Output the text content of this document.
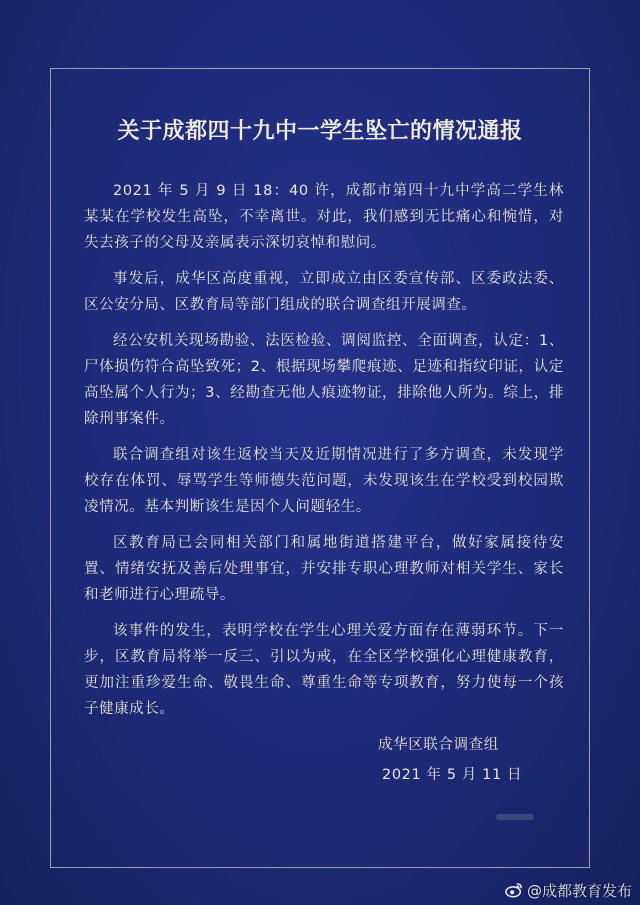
关于成都四十九中一学生坠亡的情况通报

2021 年 5 月 9 日 18：40 许，成都市第四十九中学高二学生林某某在学校发生高坠，不幸离世。对此，我们感到无比痛心和惋惜，对失去孩子的父母及亲属表示深切哀悼和慰问。

事发后，成华区高度重视，立即成立由区委宣传部、区委政法委、区公安分局、区教育局等部门组成的联合调查组开展调查。

经公安机关现场勘验、法医检验、调阅监控、全面调查，认定：1、尸体损伤符合高坠致死；2、根据现场攀爬痕迹、足迹和指纹印证，认定高坠属个人行为；3、经勘查无他人痕迹物证，排除他人所为。综上，排除刑事案件。

联合调查组对该生返校当天及近期情况进行了多方调查，未发现学校存在体罚、辱骂学生等师德失范问题，未发现该生在学校受到校园欺凌情况。基本判断该生是因个人问题轻生。

区教育局已会同相关部门和属地街道搭建平台，做好家属接待安置、情绪安抚及善后处理事宜，并安排专职心理教师对相关学生、家长和老师进行心理疏导。

该事件的发生，表明学校在学生心理关爱方面存在薄弱环节。下一步，区教育局将举一反三、引以为戒，在全区学校强化心理健康教育，更加注重珍爱生命、敬畏生命、尊重生命等专项教育，努力使每一个孩子健康成长。

成华区联合调查组
2021 年 5 月 11 日
@成都教育发布
